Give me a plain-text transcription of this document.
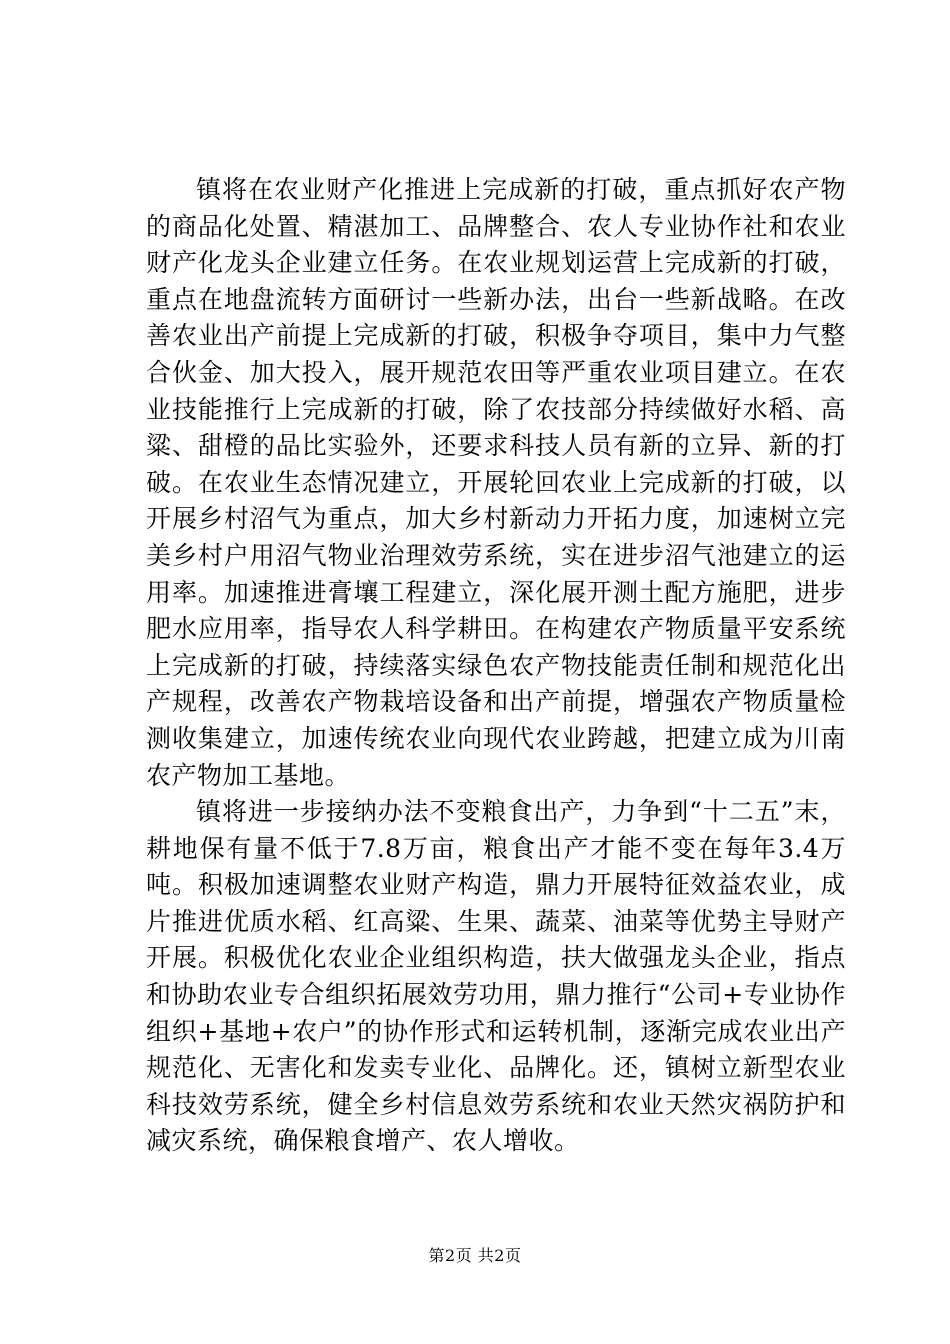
镇将在农业财产化推进上完成新的打破，重点抓好农产物的商品化处置、精湛加工、品牌整合、农人专业协作社和农业财产化龙头企业建立任务。在农业规划运营上完成新的打破，重点在地盘流转方面研讨一些新办法，出台一些新战略。在改善农业出产前提上完成新的打破，积极争夺项目，集中力气整合伙金、加大投入，展开规范农田等严重农业项目建立。在农业技能推行上完成新的打破，除了农技部分持续做好水稻、高粱、甜橙的品比实验外，还要求科技人员有新的立异、新的打破。在农业生态情况建立，开展轮回农业上完成新的打破，以开展乡村沼气为重点，加大乡村新动力开拓力度，加速树立完美乡村户用沼气物业治理效劳系统，实在进步沼气池建立的运用率。加速推进膏壤工程建立，深化展开测土配方施肥，进步肥水应用率，指导农人科学耕田。在构建农产物质量平安系统上完成新的打破，持续落实绿色农产物技能责任制和规范化出产规程，改善农产物栽培设备和出产前提，增强农产物质量检测收集建立，加速传统农业向现代农业跨越，把建立成为川南农产物加工基地。

镇将进一步接纳办法不变粮食出产，力争到“十二五”末，耕地保有量不低于7.8万亩，粮食出产才能不变在每年3.4万吨。积极加速调整农业财产构造，鼎力开展特征效益农业，成片推进优质水稻、红高粱、生果、蔬菜、油菜等优势主导财产开展。积极优化农业企业组织构造，扶大做强龙头企业，指点和协助农业专合组织拓展效劳功用，鼎力推行“公司+专业协作组织+基地+农户”的协作形式和运转机制，逐渐完成农业出产规范化、无害化和发卖专业化、品牌化。还，镇树立新型农业科技效劳系统，健全乡村信息效劳系统和农业天然灾祸防护和减灾系统，确保粮食增产、农人增收。

第2页 共2页
